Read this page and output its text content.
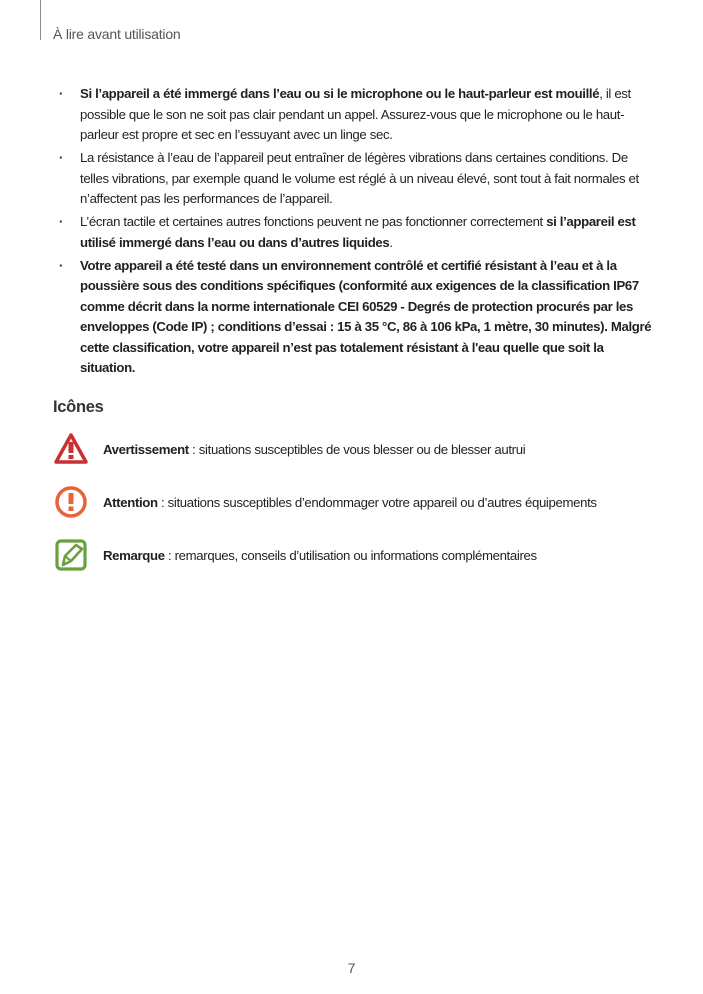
À lire avant utilisation
· Si l’appareil a été immergé dans l’eau ou si le microphone ou le haut-parleur est mouillé, il est possible que le son ne soit pas clair pendant un appel. Assurez-vous que le microphone ou le haut-parleur est propre et sec en l’essuyant avec un linge sec.
· La résistance à l’eau de l’appareil peut entraîner de légères vibrations dans certaines conditions. De telles vibrations, par exemple quand le volume est réglé à un niveau élevé, sont tout à fait normales et n’affectent pas les performances de l’appareil.
· L’écran tactile et certaines autres fonctions peuvent ne pas fonctionner correctement si l’appareil est utilisé immergé dans l’eau ou dans d’autres liquides.
· Votre appareil a été testé dans un environnement contrôlé et certifié résistant à l’eau et à la poussière sous des conditions spécifiques (conformité aux exigences de la classification IP67 comme décrit dans la norme internationale CEI 60529 - Degrés de protection procurés par les enveloppes (Code IP) ; conditions d’essai : 15 à 35 °C, 86 à 106 kPa, 1 mètre, 30 minutes). Malgré cette classification, votre appareil n’est pas totalement résistant à l'eau quelle que soit la situation.
Icônes
Avertissement : situations susceptibles de vous blesser ou de blesser autrui
Attention : situations susceptibles d’endommager votre appareil ou d’autres équipements
Remarque : remarques, conseils d’utilisation ou informations complémentaires
7
